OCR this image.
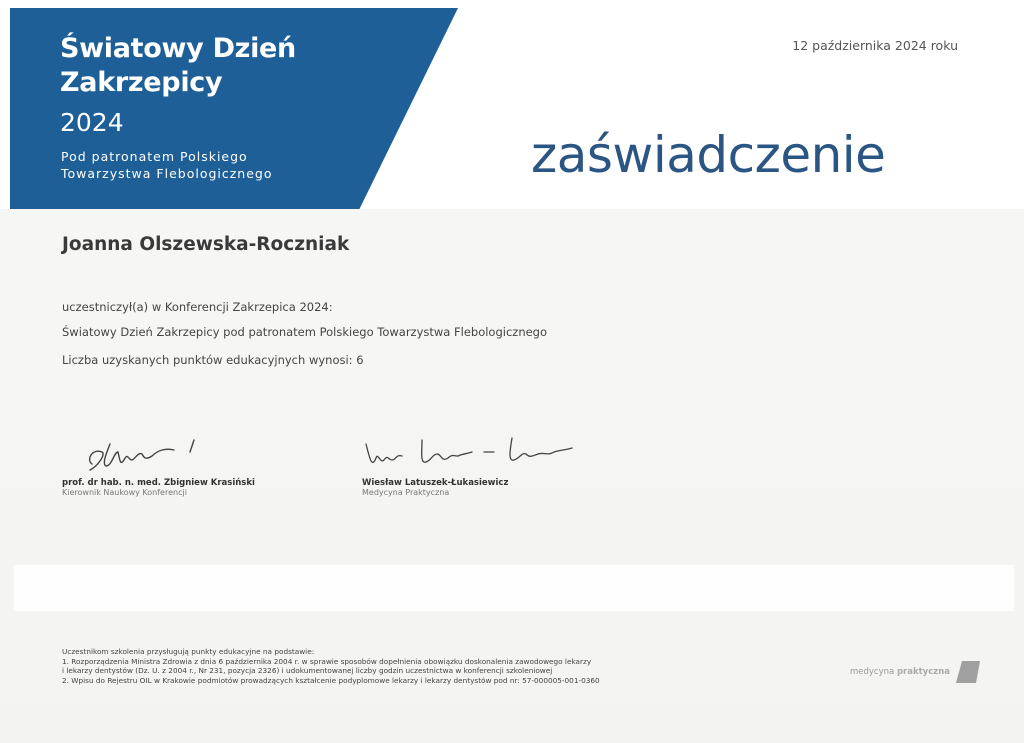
Światowy Dzień
Zakrzepicy
2024
Pod patronatem Polskiego
Towarzystwa Flebologicznego
12 października 2024 roku
zaświadczenie
Joanna Olszewska-Roczniak
uczestniczył(a) w Konferencji Zakrzepica 2024:
Światowy Dzień Zakrzepicy pod patronatem Polskiego Towarzystwa Flebologicznego
Liczba uzyskanych punktów edukacyjnych wynosi: 6
prof. dr hab. n. med. Zbigniew Krasiński
Kierownik Naukowy Konferencji
Wiesław Latuszek-Łukasiewicz
Medycyna Praktyczna
Uczestnikom szkolenia przysługują punkty edukacyjne na podstawie:
1. Rozporządzenia Ministra Zdrowia z dnia 6 października 2004 r. w sprawie sposobów dopełnienia obowiązku doskonalenia zawodowego lekarzy
i lekarzy dentystów (Dz. U. z 2004 r., Nr 231, pozycja 2326) i udokumentowanej liczby godzin uczestnictwa w konferencji szkoleniowej
2. Wpisu do Rejestru OIL w Krakowie podmiotów prowadzących kształcenie podyplomowe lekarzy i lekarzy dentystów pod nr: 57-000005-001-0360
medycyna praktyczna
